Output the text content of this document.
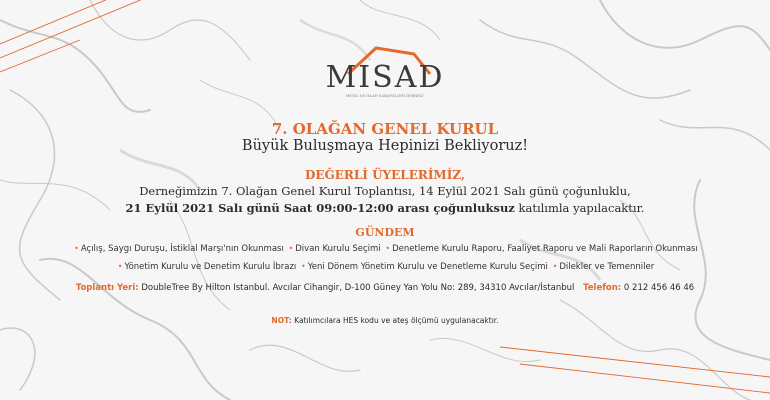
MISAD
METAL VE İSLAH SANAYİCİLERİ DERNEĞİ
7. OLAĞAN GENEL KURUL
Büyük Buluşmaya Hepinizi Bekliyoruz!
DEĞERLİ ÜYELERİMİZ,
Derneğimizin 7. Olağan Genel Kurul Toplantısı, 14 Eylül 2021 Salı günü çoğunluklu,
21 Eylül 2021 Salı günü Saat 09:00-12:00 arası çoğunluksuz katılımla yapılacaktır.
GÜNDEM
• Açılış, Saygı Duruşu, İstiklal Marşı'nın Okunması • Divan Kurulu Seçimi • Denetleme Kurulu Raporu, Faaliyet Raporu ve Mali Raporların Okunması
• Yönetim Kurulu ve Denetim Kurulu İbrazı • Yeni Dönem Yönetim Kurulu ve Denetleme Kurulu Seçimi • Dilekler ve Temenniler
Toplantı Yeri: DoubleTree By Hilton Istanbul. Avcılar Cihangir, D-100 Güney Yan Yolu No: 289, 34310 Avcılar/İstanbul Telefon: 0 212 456 46 46
NOT: Katılımcılara HES kodu ve ateş ölçümü uygulanacaktır.
